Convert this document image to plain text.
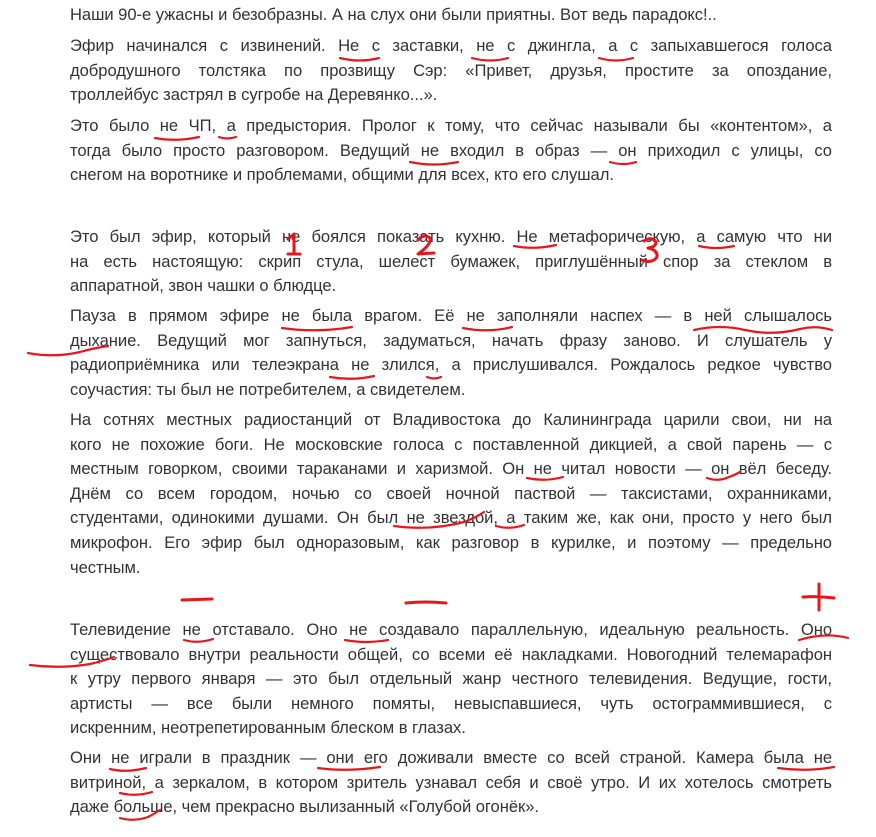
Наши 90-е ужасны и безобразны. А на слух они были приятны. Вот ведь парадокс!..
Эфир начинался с извинений. Не с заставки, не с джингла, а с запыхавшегося голоса
добродушного толстяка по прозвищу Сэр: «Привет, друзья, простите за опоздание,
троллейбус застрял в сугробе на Деревянко...».
Это было не ЧП, а предыстория. Пролог к тому, что сейчас называли бы «контентом», а
тогда было просто разговором. Ведущий не входил в образ — он приходил с улицы, со
снегом на воротнике и проблемами, общими для всех, кто его слушал.
Это был эфир, который не боялся показать кухню. Не метафорическую, а самую что ни
на есть настоящую: скрип стула, шелест бумажек, приглушённый спор за стеклом в
аппаратной, звон чашки о блюдце.
Пауза в прямом эфире не была врагом. Её не заполняли наспех — в ней слышалось
дыхание. Ведущий мог запнуться, задуматься, начать фразу заново. И слушатель у
радиоприёмника или телеэкрана не злился, а прислушивался. Рождалось редкое чувство
соучастия: ты был не потребителем, а свидетелем.
На сотнях местных радиостанций от Владивостока до Калининграда царили свои, ни на
кого не похожие боги. Не московские голоса с поставленной дикцией, а свой парень — с
местным говорком, своими тараканами и харизмой. Он не читал новости — он вёл беседу.
Днём со всем городом, ночью со своей ночной паствой — таксистами, охранниками,
студентами, одинокими душами. Он был не звездой, а таким же, как они, просто у него был
микрофон. Его эфир был одноразовым, как разговор в курилке, и поэтому — предельно
честным.
Телевидение не отставало. Оно не создавало параллельную, идеальную реальность. Оно
существовало внутри реальности общей, со всеми её накладками. Новогодний телемарафон
к утру первого января — это был отдельный жанр честного телевидения. Ведущие, гости,
артисты — все были немного помяты, невыспавшиеся, чуть остограммившиеся, с
искренним, неотрепетированным блеском в глазах.
Они не играли в праздник — они его доживали вместе со всей страной. Камера была не
витриной, а зеркалом, в котором зритель узнавал себя и своё утро. И их хотелось смотреть
даже больше, чем прекрасно вылизанный «Голубой огонёк».
